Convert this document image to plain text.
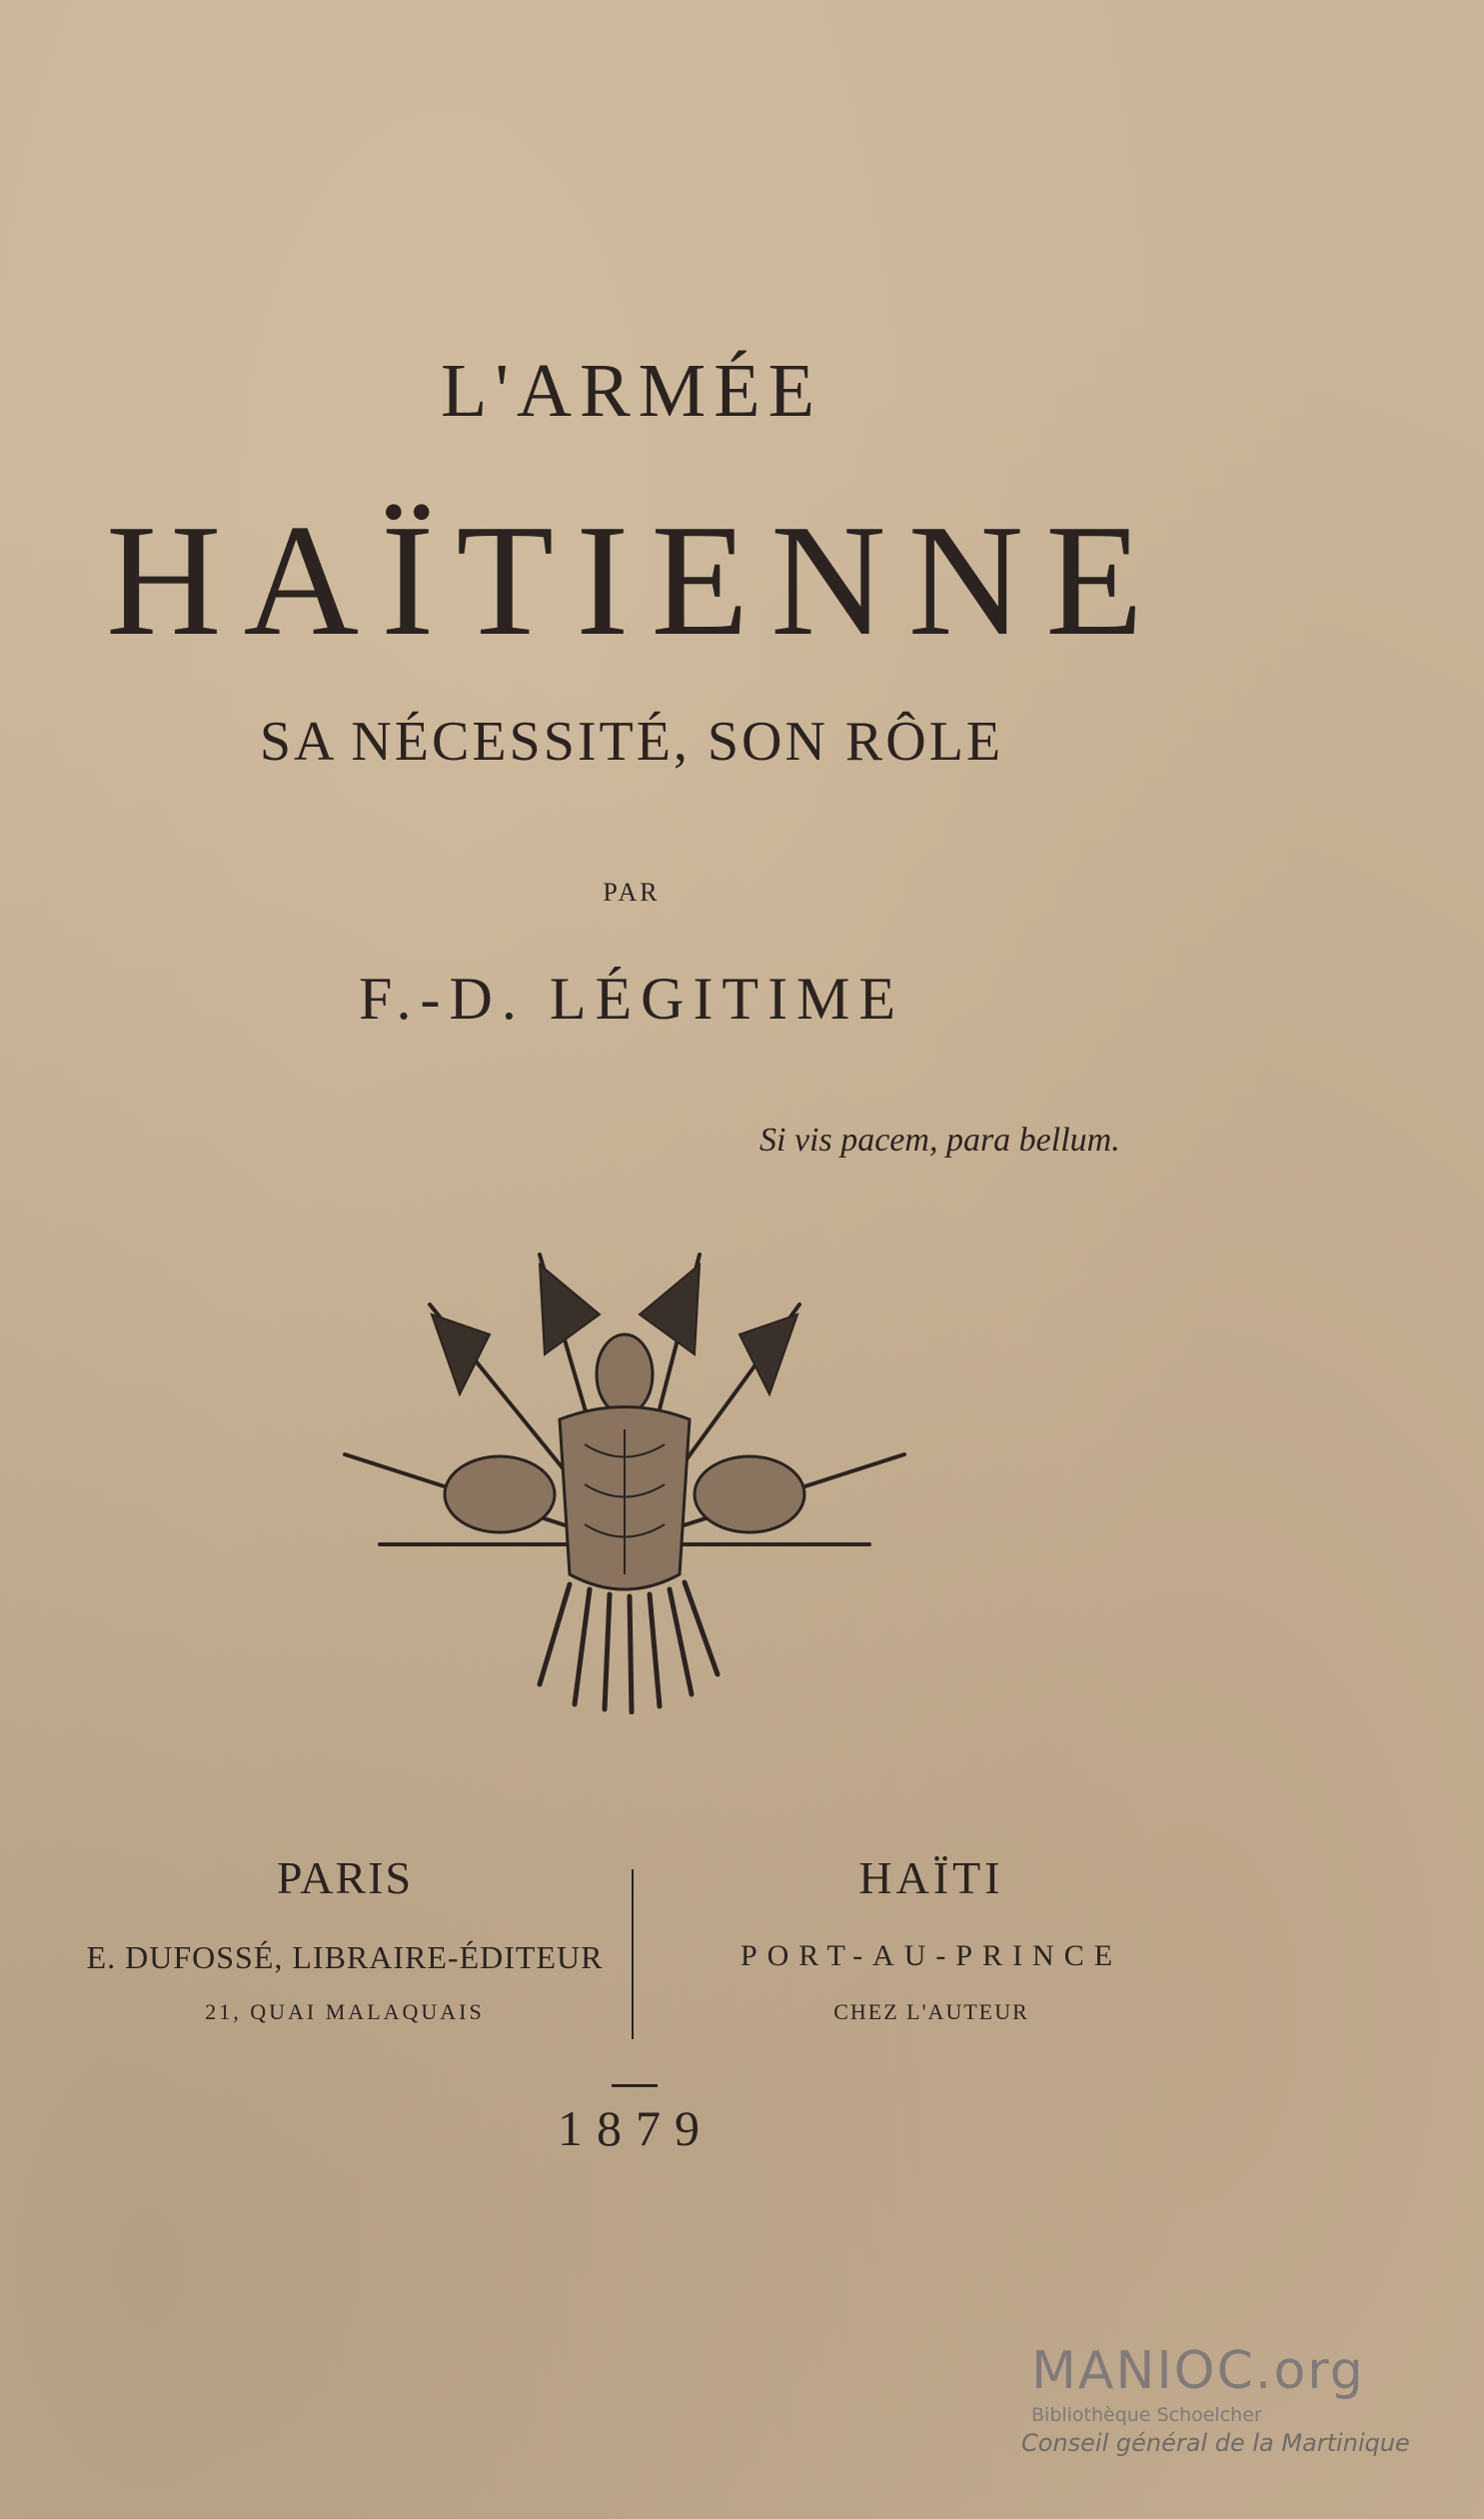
L'ARMÉE
HAÏTIENNE
SA NÉCESSITÉ, SON RÔLE
PAR
F.-D. LÉGITIME
Si vis pacem, para bellum.
PARIS
E. DUFOSSÉ, LIBRAIRE-ÉDITEUR
21, QUAI MALAQUAIS
HAÏTI
PORT-AU-PRINCE
CHEZ L'AUTEUR
1879
MANIOC.org
Bibliothèque Schoelcher
Conseil général de la Martinique
